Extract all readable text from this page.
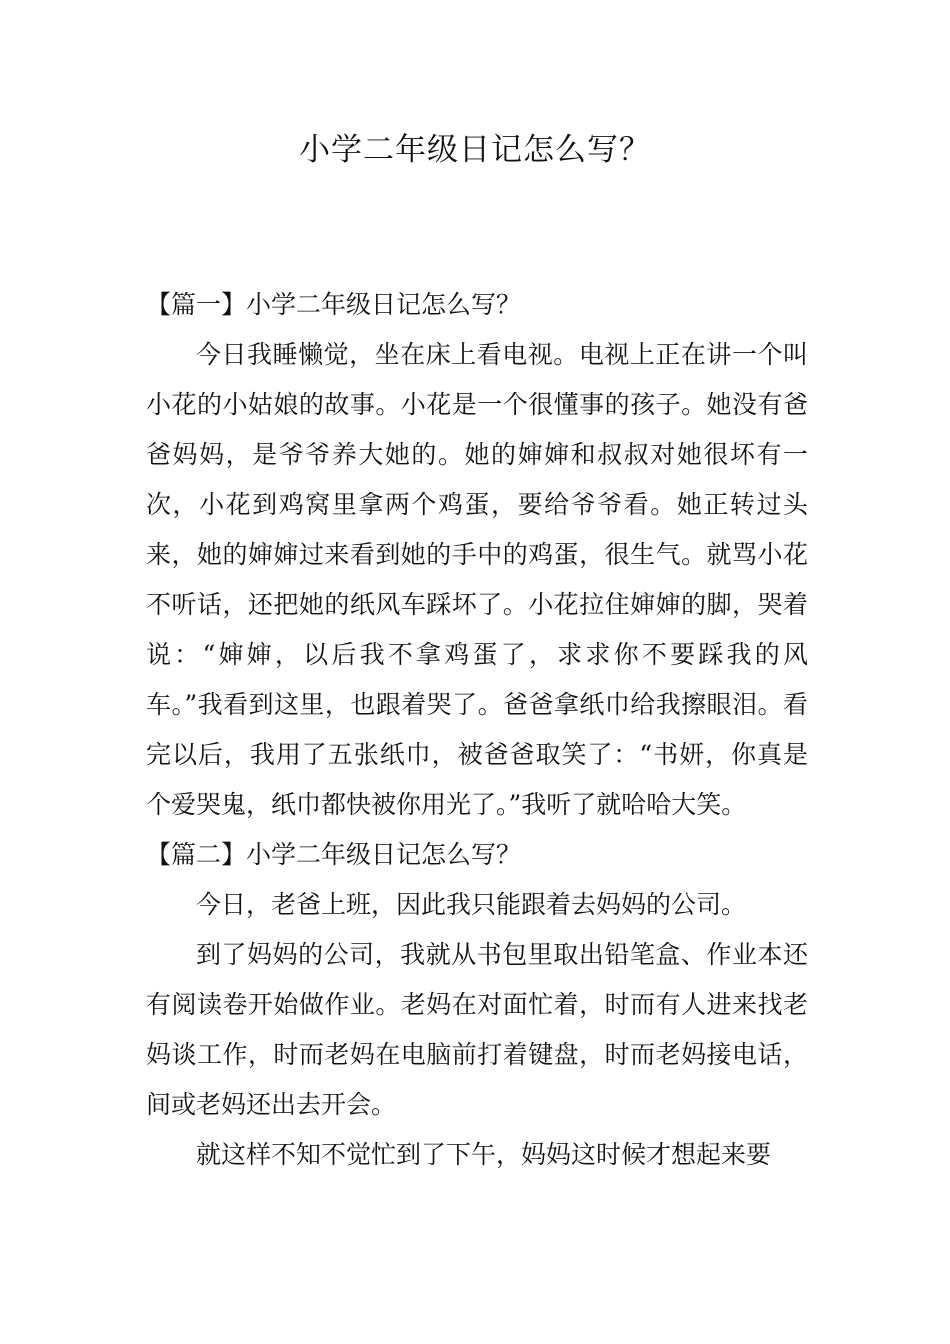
小学二年级日记怎么写？

【篇一】小学二年级日记怎么写？

今日我睡懒觉，坐在床上看电视。电视上正在讲一个叫小花的小姑娘的故事。小花是一个很懂事的孩子。她没有爸爸妈妈，是爷爷养大她的。她的婶婶和叔叔对她很坏有一次，小花到鸡窝里拿两个鸡蛋，要给爷爷看。她正转过头来，她的婶婶过来看到她的手中的鸡蛋，很生气。就骂小花不听话，还把她的纸风车踩坏了。小花拉住婶婶的脚，哭着说：“婶婶，以后我不拿鸡蛋了，求求你不要踩我的风车。”我看到这里，也跟着哭了。爸爸拿纸巾给我擦眼泪。看完以后，我用了五张纸巾，被爸爸取笑了：“书妍，你真是个爱哭鬼，纸巾都快被你用光了。”我听了就哈哈大笑。

【篇二】小学二年级日记怎么写？

今日，老爸上班，因此我只能跟着去妈妈的公司。

到了妈妈的公司，我就从书包里取出铅笔盒、作业本还有阅读卷开始做作业。老妈在对面忙着，时而有人进来找老妈谈工作，时而老妈在电脑前打着键盘，时而老妈接电话，间或老妈还出去开会。

就这样不知不觉忙到了下午，妈妈这时候才想起来要
